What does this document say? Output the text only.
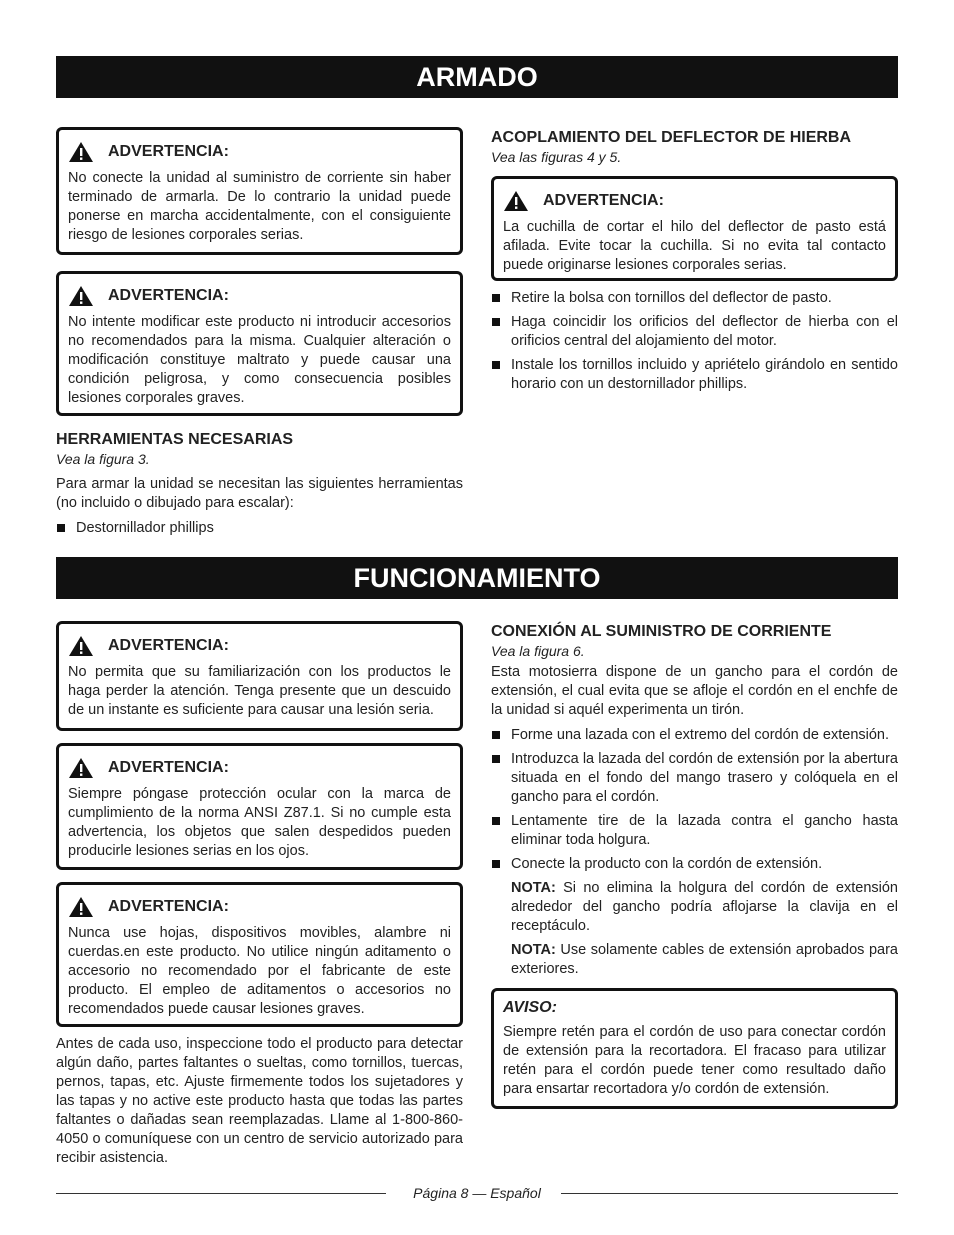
ARMADO
ADVERTENCIA:
No conecte la unidad al suministro de corriente sin haber terminado de armarla. De lo contrario la unidad puede ponerse en marcha accidentalmente, con el consiguiente riesgo de lesiones corporales serias.
ADVERTENCIA:
No intente modificar este producto ni introducir accesorios no recomendados para la misma. Cualquier alteración o modificación constituye maltrato y puede causar una condición peligrosa, y como consecuencia posibles lesiones corporales graves.
HERRAMIENTAS NECESARIAS
Vea la figura 3.
Para armar la unidad se necesitan las siguientes herramientas (no incluido o dibujado para escalar):
Destornillador phillips
ACOPLAMIENTO DEL DEFLECTOR DE HIERBA
Vea las figuras 4 y 5.
ADVERTENCIA:
La cuchilla de cortar el hilo del deflector de pasto está afilada. Evite tocar la cuchilla. Si no evita tal contacto puede originarse lesiones corporales serias.
Retire la bolsa con tornillos del deflector de pasto.
Haga coincidir los orificios del deflector de hierba con el orificios central del alojamiento del motor.
Instale los tornillos incluido y apriételo girándolo en sentido horario con un destornillador phillips.
FUNCIONAMIENTO
ADVERTENCIA:
No permita que su familiarización con los productos le haga perder la atención. Tenga presente que un descuido de un instante es suficiente para causar una lesión seria.
ADVERTENCIA:
Siempre póngase protección ocular con la marca de cumplimiento de la norma ANSI Z87.1. Si no cumple esta advertencia, los objetos que salen despedidos pueden producirle lesiones serias en los ojos.
ADVERTENCIA:
Nunca use hojas, dispositivos movibles, alambre ni cuerdas.en este producto. No utilice ningún aditamento o accesorio no recomendado por el fabricante de este producto. El empleo de aditamentos o accesorios no recomendados puede causar lesiones graves.
Antes de cada uso, inspeccione todo el producto para detectar algún daño, partes faltantes o sueltas, como tornillos, tuercas, pernos, tapas, etc. Ajuste firmemente todos los sujetadores y las tapas y no active este producto hasta que todas las partes faltantes o dañadas sean reemplazadas. Llame al 1-800-860-4050 o comuníquese con un centro de servicio autorizado para recibir asistencia.
CONEXIÓN AL SUMINISTRO DE CORRIENTE
Vea la figura 6.
Esta motosierra dispone de un gancho para el cordón de extensión, el cual evita que se afloje el cordón en el enchfe de la unidad si aquél experimenta un tirón.
Forme una lazada con el extremo del cordón de extensión.
Introduzca la lazada del cordón de extensión por la abertura situada en el fondo del mango trasero y colóquela en el gancho para el cordón.
Lentamente tire de la lazada contra el gancho hasta eliminar toda holgura.
Conecte la producto con la cordón de extensión.
NOTA: Si no elimina la holgura del cordón de extensión alrededor del gancho podría aflojarse la clavija en el receptáculo.
NOTA: Use solamente cables de extensión aprobados para exteriores.
AVISO:
Siempre retén para el cordón de uso para conectar cordón de extensión para la recortadora. El fracaso para utilizar retén para el cordón puede tener como resultado daño para ensartar recortadora y/o cordón de extensión.
Página 8 — Español
